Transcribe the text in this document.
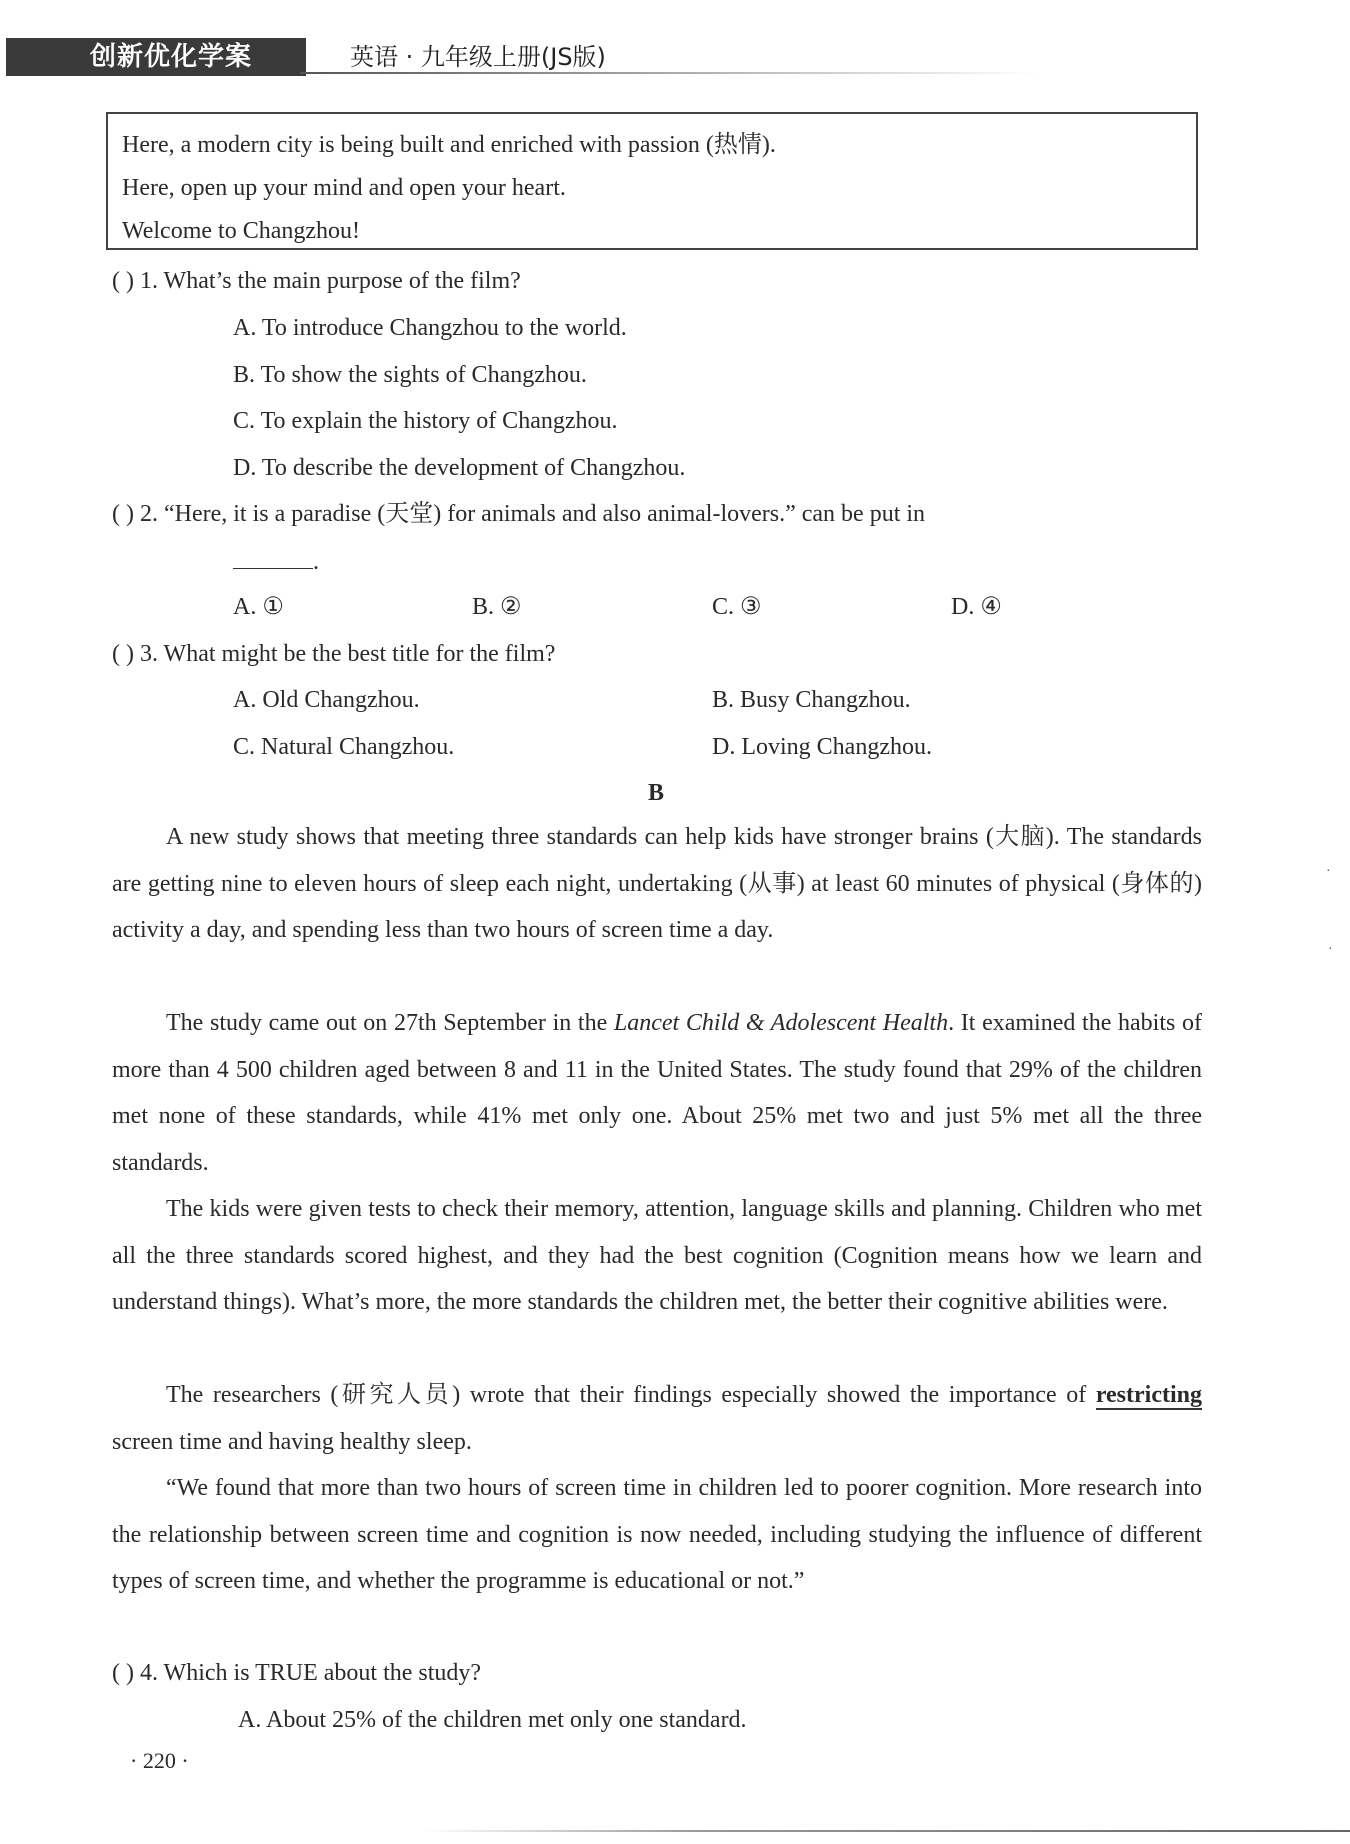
创新优化学案	英语 · 九年级上册(JS版)

Here, a modern city is being built and enriched with passion (热情).

Here, open up your mind and open your heart.

Welcome to Changzhou!

( ) 1. What’s the main purpose of the film?
A. To introduce Changzhou to the world.
B. To show the sights of Changzhou.
C. To explain the history of Changzhou.
D. To describe the development of Changzhou.
( ) 2. “Here, it is a paradise (天堂) for animals and also animal-lovers.” can be put in
.
A. ①	B. ②	C. ③	D. ④
( ) 3. What might be the best title for the film?
A. Old Changzhou.	B. Busy Changzhou.
C. Natural Changzhou.	D. Loving Changzhou.
B

A new study shows that meeting three standards can help kids have stronger brains (大脑). The standards are getting nine to eleven hours of sleep each night, undertaking (从事) at least 60 minutes of physical (身体的) activity a day, and spending less than two hours of screen time a day.

The study came out on 27th September in the Lancet Child & Adolescent Health. It examined the habits of more than 4 500 children aged between 8 and 11 in the United States. The study found that 29% of the children met none of these standards, while 41% met only one. About 25% met two and just 5% met all the three standards.

The kids were given tests to check their memory, attention, language skills and planning. Children who met all the three standards scored highest, and they had the best cognition (Cognition means how we learn and understand things). What’s more, the more standards the children met, the better their cognitive abilities were.

The researchers (研究人员) wrote that their findings especially showed the importance of restricting screen time and having healthy sleep.

“We found that more than two hours of screen time in children led to poorer cognition. More research into the relationship between screen time and cognition is now needed, including studying the influence of different types of screen time, and whether the programme is educational or not.”

( ) 4. Which is TRUE about the study?
A. About 25% of the children met only one standard.
· 220 ·
·
·
